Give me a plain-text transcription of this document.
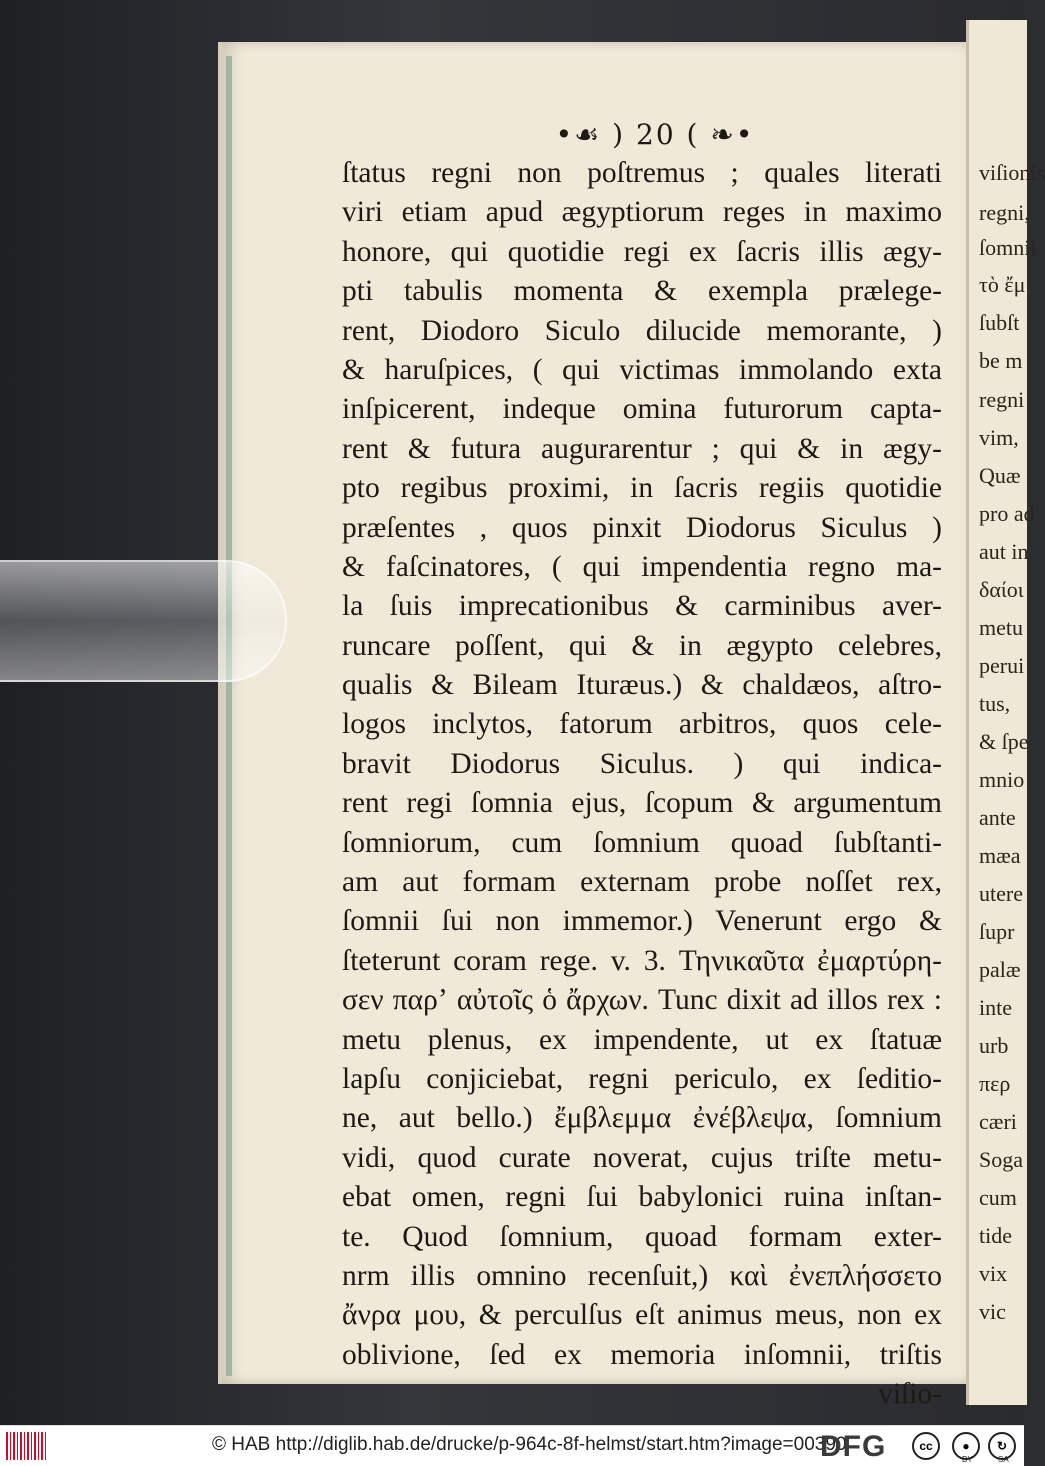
viſionis
regni,
ſomnii
τὸ ἔμ
ſubſt
be m
regni
vim,
Quæ
pro ad
aut in
δαίοι
metu
perui
tus,
& ſpe
mnio
ante
mæa
utere
ſupr
palæ
inte
urb
περ
cæri
Soga
cum
tide
vix
vic
•☙ ) 20 ( ❧•
ſtatus regni non poſtremus ; quales literati
viri etiam apud ægyptiorum reges in maximo
honore, qui quotidie regi ex ſacris illis ægy-
pti tabulis momenta & exempla prælege-
rent, Diodoro Siculo dilucide memorante, )
& haruſpices, ( qui victimas immolando exta
inſpicerent, indeque omina futurorum capta-
rent & futura augurarentur ; qui & in ægy-
pto regibus proximi, in ſacris regiis quotidie
præſentes , quos pinxit Diodorus Siculus )
& faſcinatores, ( qui impendentia regno ma-
la ſuis imprecationibus & carminibus aver-
runcare poſſent, qui & in ægypto celebres,
qualis & Bileam Ituræus.) & chaldæos, aſtro-
logos inclytos, fatorum arbitros, quos cele-
bravit Diodorus Siculus. ) qui indica-
rent regi ſomnia ejus, ſcopum & argumentum
ſomniorum, cum ſomnium quoad ſubſtanti-
am aut formam externam probe noſſet rex,
ſomnii ſui non immemor.) Venerunt ergo &
ſteterunt coram rege. v. 3. Τηνικαῦτα ἐμαρτύρη-
σεν παρʼ αὐτοῖς ὁ ἄρχων. Tunc dixit ad illos rex :
metu plenus, ex impendente, ut ex ſtatuæ
lapſu conjiciebat, regni periculo, ex ſeditio-
ne, aut bello.) ἔμβλεμμα ἐνέβλεψα, ſomnium
vidi, quod curate noverat, cujus triſte metu-
ebat omen, regni ſui babylonici ruina inſtan-
te. Quod ſomnium, quoad formam exter-
nrm illis omnino recenſuit,) καὶ ἐνεπλήσσετο
ἄνρα μου, & perculſus eſt animus meus, non ex
oblivione, ſed ex memoria inſomnii, triſtis
viſio-
© HAB http://diglib.hab.de/drucke/p-964c-8f-helmst/start.htm?image=00390
DFG	cc	●
BY
↻
SA
